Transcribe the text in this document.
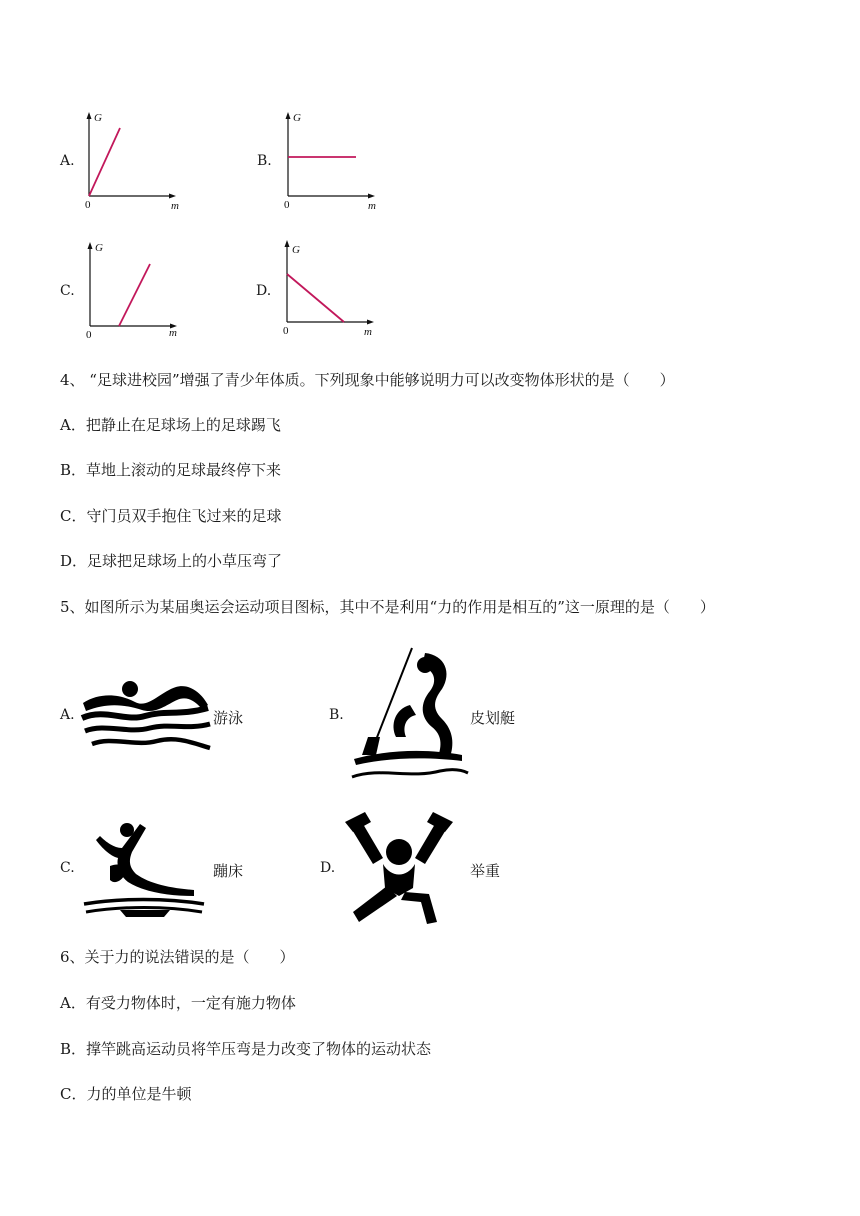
A.
G
0	m
B.
G
0	m
C.
G
0	m
D.
G
0	m
4、 “足球进校园”增强了青少年体质。下列现象中能够说明力可以改变物体形状的是（　　）
A．把静止在足球场上的足球踢飞
B．草地上滚动的足球最终停下来
C．守门员双手抱住飞过来的足球
D．足球把足球场上的小草压弯了
5、如图所示为某届奥运会运动项目图标，其中不是利用“力的作用是相互的”这一原理的是（　　）
A.	游泳	B.	皮划艇
C.	蹦床	D.	举重
6、关于力的说法错误的是（　　）
A．有受力物体时，一定有施力物体
B．撑竿跳高运动员将竿压弯是力改变了物体的运动状态
C．力的单位是牛顿
